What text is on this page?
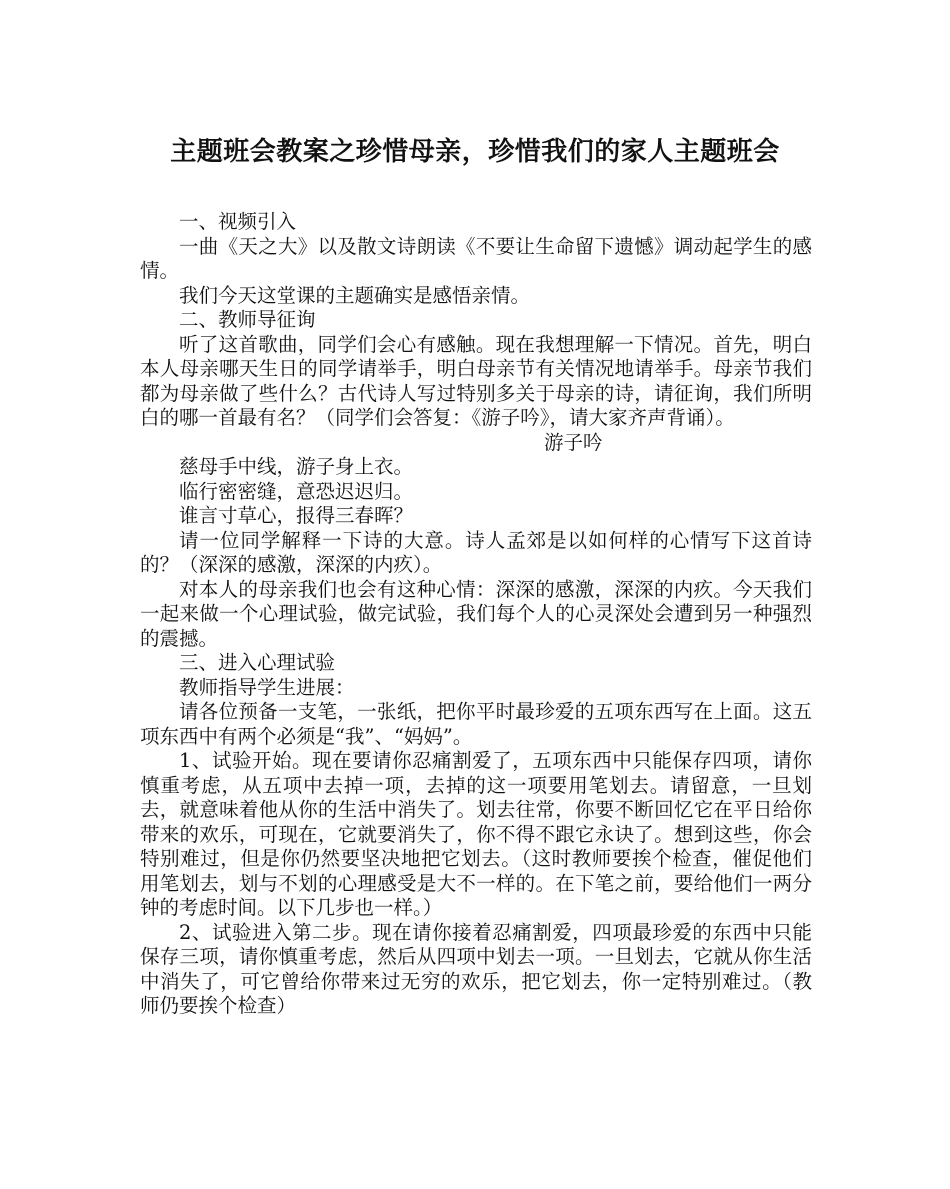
主题班会教案之珍惜母亲，珍惜我们的家人主题班会

一、视频引入

一曲《天之大》以及散文诗朗读《不要让生命留下遗憾》调动起学生的感情。

我们今天这堂课的主题确实是感悟亲情。

二、教师导征询

听了这首歌曲，同学们会心有感触。现在我想理解一下情况。首先，明白本人母亲哪天生日的同学请举手，明白母亲节有关情况地请举手。母亲节我们都为母亲做了些什么？古代诗人写过特别多关于母亲的诗，请征询，我们所明白的哪一首最有名？（同学们会答复：《游子吟》，请大家齐声背诵）。

游子吟

慈母手中线，游子身上衣。

临行密密缝，意恐迟迟归。

谁言寸草心，报得三春晖？

请一位同学解释一下诗的大意。诗人孟郊是以如何样的心情写下这首诗的？（深深的感激，深深的内疚）。

对本人的母亲我们也会有这种心情：深深的感激，深深的内疚。今天我们一起来做一个心理试验，做完试验，我们每个人的心灵深处会遭到另一种强烈的震撼。

三、进入心理试验

教师指导学生进展：

请各位预备一支笔，一张纸，把你平时最珍爱的五项东西写在上面。这五项东西中有两个必须是“我”、“妈妈”。

1、试验开始。现在要请你忍痛割爱了，五项东西中只能保存四项，请你慎重考虑，从五项中去掉一项，去掉的这一项要用笔划去。请留意，一旦划去，就意味着他从你的生活中消失了。划去往常，你要不断回忆它在平日给你带来的欢乐，可现在，它就要消失了，你不得不跟它永诀了。想到这些，你会特别难过，但是你仍然要坚决地把它划去。（这时教师要挨个检查，催促他们用笔划去，划与不划的心理感受是大不一样的。在下笔之前，要给他们一两分钟的考虑时间。以下几步也一样。）

2、试验进入第二步。现在请你接着忍痛割爱，四项最珍爱的东西中只能保存三项，请你慎重考虑，然后从四项中划去一项。一旦划去，它就从你生活中消失了，可它曾给你带来过无穷的欢乐，把它划去，你一定特别难过。（教师仍要挨个检查）
